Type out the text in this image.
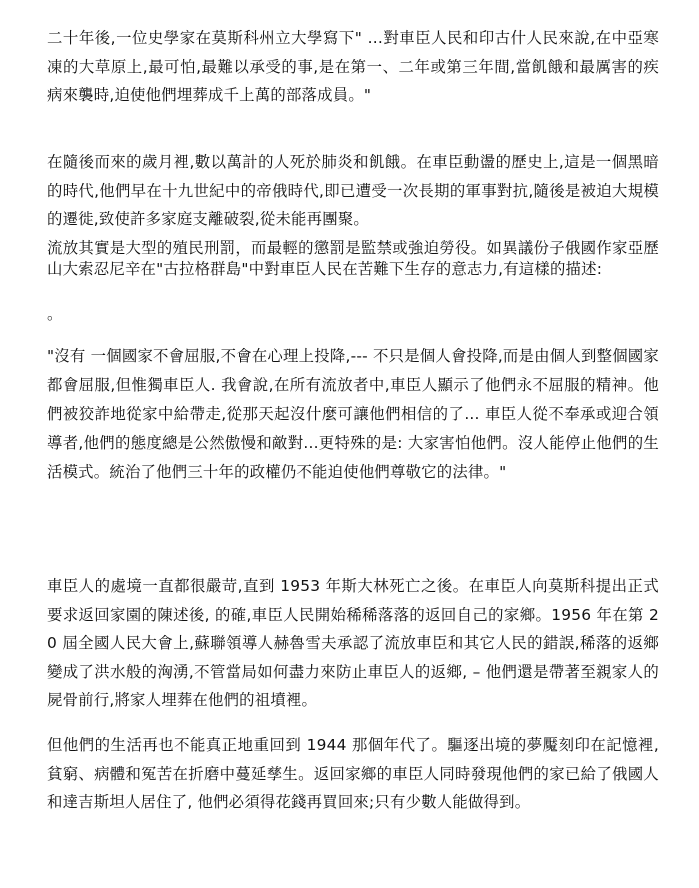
二十年後,一位史學家在莫斯科州立大學寫下" …對車臣人民和印古什人民來說,在中亞寒凍的大草原上,最可怕,最難以承受的事,是在第一、二年或第三年間,當飢餓和最厲害的疾病來襲時,迫使他們埋葬成千上萬的部落成員。"

在隨後而來的歲月裡,數以萬計的人死於肺炎和飢餓。在車臣動盪的歷史上,這是一個黑暗的時代,他們早在十九世紀中的帝俄時代,即已遭受一次長期的軍事對抗,隨後是被迫大規模的遷徙,致使許多家庭支離破裂,從未能再團聚。

流放其實是大型的殖民刑罰，而最輕的懲罰是監禁或強迫勞役。如異議份子俄國作家亞歷山大索忍尼辛在"古拉格群島"中對車臣人民在苦難下生存的意志力,有這樣的描述:

。

"沒有 一個國家不會屈服,不會在心理上投降,--- 不只是個人會投降,而是由個人到整個國家都會屈服,但惟獨車臣人. 我會說,在所有流放者中,車臣人顯示了他們永不屈服的精神。他們被狡詐地從家中給帶走,從那天起沒什麼可讓他們相信的了... 車臣人從不奉承或迎合領導者,他們的態度總是公然傲慢和敵對...更特殊的是: 大家害怕他們。沒人能停止他們的生活模式。統治了他們三十年的政權仍不能迫使他們尊敬它的法律。"

車臣人的處境一直都很嚴苛,直到 1953 年斯大林死亡之後。在車臣人向莫斯科提出正式要求返回家園的陳述後, 的確,車臣人民開始稀稀落落的返回自己的家鄉。1956 年在第 20 屆全國人民大會上,蘇聯領導人赫魯雪夫承認了流放車臣和其它人民的錯誤,稀落的返鄉變成了洪水般的洶湧,不管當局如何盡力來防止車臣人的返鄉, – 他們還是帶著至親家人的屍骨前行,將家人埋葬在他們的祖墳裡。

但他們的生活再也不能真正地重回到 1944 那個年代了。驅逐出境的夢魘刻印在記憶裡,貧窮、病體和冤苦在折磨中蔓延孳生。返回家鄉的車臣人同時發現他們的家已給了俄國人和達吉斯坦人居住了, 他們必須得花錢再買回來;只有少數人能做得到。
